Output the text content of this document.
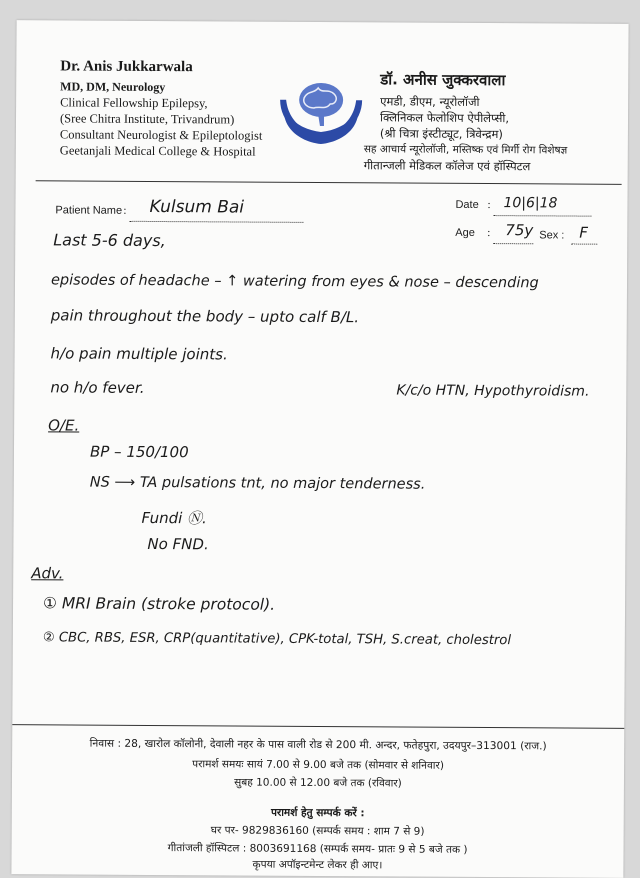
Dr. Anis Jukkarwala
MD, DM, Neurology
Clinical Fellowship Epilepsy,
(Sree Chitra Institute, Trivandrum)
Consultant Neurologist & Epileptologist
Geetanjali Medical College & Hospital
डॉ. अनीस जुक्करवाला
एमडी, डीएम, न्यूरोलॉजी
क्लिनिकल फेलोशिप ऐपीलेप्सी,
(श्री चित्रा इंस्टीट्यूट, त्रिवेन्द्रम)
सह आचार्य न्यूरोलॉजी, मस्तिष्क एवं मिर्गी रोग विशेषज्ञ
गीतान्जली मेडिकल कॉलेज एवं हॉस्पिटल
Patient Name : Kulsum Bai	Date : 10|6|18
Age : 75y Sex : F
Last 5-6 days,
episodes of headache – ↑ watering from eyes & nose – descending
pain throughout the body – upto calf B/L.
h/o pain multiple joints.
no h/o fever.	K/c/o HTN, Hypothyroidism.
O/E.
BP – 150/100
NS ⟶ TA pulsations tnt, no major tenderness.
Fundi Ⓝ.
No FND.
Adv.
① MRI Brain (stroke protocol).
② CBC, RBS, ESR, CRP(quantitative), CPK-total, TSH, S.creat, cholestrol
निवास : 28, खारोल कॉलोनी, देवाली नहर के पास वाली रोड से 200 मी. अन्दर, फतेहपुरा, उदयपुर–313001 (राज.)
परामर्श समयः सायं 7.00 से 9.00 बजे तक (सोमवार से शनिवार)
सुबह 10.00 से 12.00 बजे तक (रविवार)
परामर्श हेतु सम्पर्क करें :
घर पर- 9829836160 (सम्पर्क समय : शाम 7 से 9)
गीतांजली हॉस्पिटल : 8003691168 (सम्पर्क समय- प्रातः 9 से 5 बजे तक )
कृपया अपॉइन्टमेन्ट लेकर ही आए।
